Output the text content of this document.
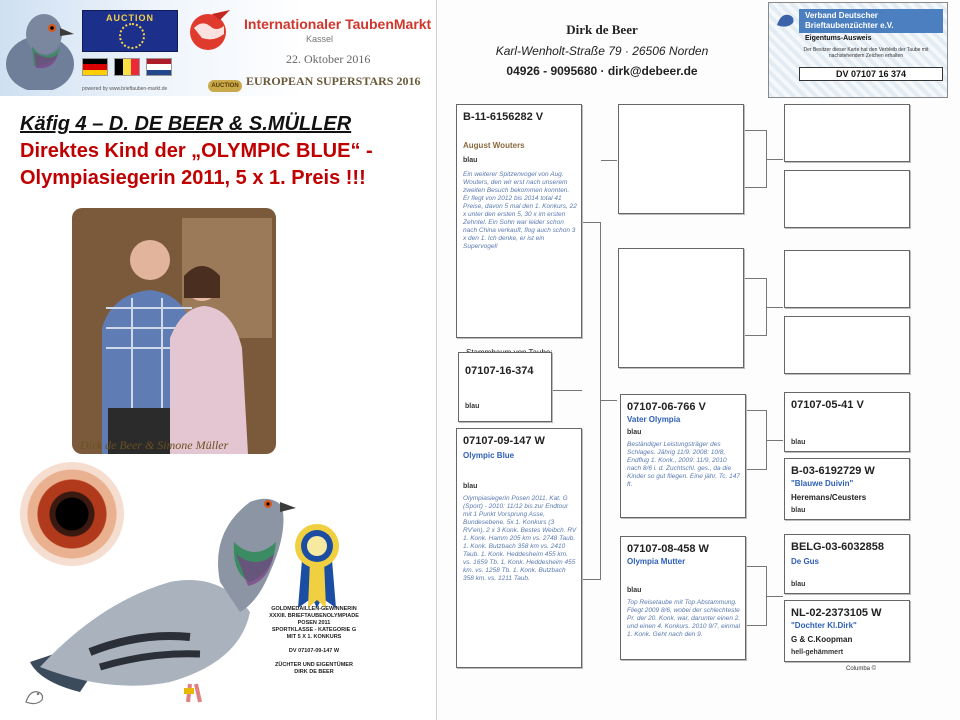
AUCTION
powered by www.brieftauben-markt.de
Internationaler TaubenMarkt
Kassel
22. Oktober 2016
AUCTION EUROPEAN SUPERSTARS 2016
Käfig 4 – D. DE BEER & S.MÜLLER
Direktes Kind der „OLYMPIC BLUE“ -
Olympiasiegerin 2011, 5 x 1. Preis !!!
Dirk de Beer & Simone Müller
GOLDMEDAILLEN-GEWINNERIN
XXXIII. BRIEFTAUBENOLYMPIADE
POSEN 2011
SPORTKLASSE - KATEGORIE G
MIT 5 X 1. KONKURS

DV 07107-09-147 W

ZÜCHTER UND EIGENTÜMER
DIRK DE BEER
Dirk de Beer
Karl-Wenholt-Straße 79 · 26506 Norden
04926 - 9095680 · dirk@debeer.de
Verband Deutscher
Brieftaubenzüchter e.V.
Eigentums-Ausweis
Der Besitzer dieser Karte hat den Verbleib der Taube mit nachstehendem Zeichen erhalten
DV 07107 16 374
B-11-6156282 V
August Wouters
blau
Ein weiterer Spitzenvogel von Aug. Wouters, den wir erst nach unserem zweiten Besuch bekommen konnten. Er flegt von 2012 bis 2014 total 41 Preise, davon 5 mal den 1. Konkurs, 22 x unter den ersten 5, 30 x im ersten Zehntel. Ein Sohn war leider schon nach China verkauft, flog auch schon 3 x den 1. Ich denke, er ist ein Supervogel!
07107-16-374
blau
07107-09-147 W
Olympic Blue
blau
Olympiasiegerin Posen 2011, Kat. G (Sport) - 2010: 11/12 bis zur Endtour mit 1 Punkt Vorsprung Asse, Bundesebene. 5x 1. Konkurs (3 RV'en), 2 x 3 Konk. Bestes Weibch. RV 1. Konk. Hamm 205 km vs. 2748 Taub. 1. Konk. Butzbach 358 km vs. 2410 Taub. 1. Konk. Heddesheim 455 km. vs. 1659 Tb. 1. Konk. Heddesheim 455 km. vs. 1258 Tb. 1. Konk. Butzbach 358 km. vs. 1211 Taub.
07107-06-766 V
Vater Olympia
blau
Beständiger Leistungsträger des Schlages. Jährig 11/9. 2008: 10/8, Endflug 1. Konk., 2009: 11/9, 2010 nach 8/6 i. d. Zuchtschl. ges., da die Kinder so gut fliegen. Eine jähr. Tc. 147 ft.
07107-08-458 W
Olympia Mutter
blau
Top Reisetaube mit Top Abstammung. Fliegt 2009 8/6, wobei der schlechteste Pr. der 20. Konk. war, darunter einen 2. und einen 4. Konkurs. 2010 9/7, einmal 1. Konk. Geht nach den 9.
07107-05-41 V
blau
B-03-6192729 W
"Blauwe Duivin"
Heremans/Ceusters
blau
BELG-03-6032858
De Gus
blau
NL-02-2373105 W
"Dochter Kl.Dirk"
G & C.Koopman
hell-gehämmert
Columba ©
